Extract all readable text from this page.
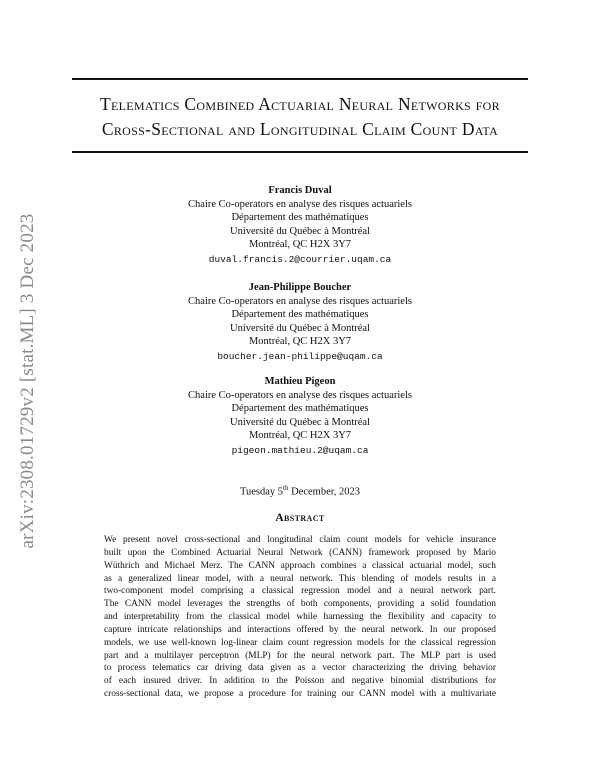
arXiv:2308.01729v2 [stat.ML] 3 Dec 2023
Telematics Combined Actuarial Neural Networks for
Cross-Sectional and Longitudinal Claim Count Data
Francis Duval
Chaire Co-operators en analyse des risques actuariels
Département des mathématiques
Université du Québec à Montréal
Montréal, QC H2X 3Y7
duval.francis.2@courrier.uqam.ca
Jean-Philippe Boucher
Chaire Co-operators en analyse des risques actuariels
Département des mathématiques
Université du Québec à Montréal
Montréal, QC H2X 3Y7
boucher.jean-philippe@uqam.ca
Mathieu Pigeon
Chaire Co-operators en analyse des risques actuariels
Département des mathématiques
Université du Québec à Montréal
Montréal, QC H2X 3Y7
pigeon.mathieu.2@uqam.ca
Tuesday 5th December, 2023
Abstract
We present novel cross-sectional and longitudinal claim count models for vehicle insurance
built upon the Combined Actuarial Neural Network (CANN) framework proposed by Mario
Wüthrich and Michael Merz. The CANN approach combines a classical actuarial model, such
as a generalized linear model, with a neural network. This blending of models results in a
two-component model comprising a classical regression model and a neural network part.
The CANN model leverages the strengths of both components, providing a solid foundation
and interpretability from the classical model while harnessing the flexibility and capacity to
capture intricate relationships and interactions offered by the neural network. In our proposed
models, we use well-known log-linear claim count regression models for the classical regression
part and a multilayer perceptron (MLP) for the neural network part. The MLP part is used
to process telematics car driving data given as a vector characterizing the driving behavior
of each insured driver. In addition to the Poisson and negative binomial distributions for
cross-sectional data, we propose a procedure for training our CANN model with a multivariate
